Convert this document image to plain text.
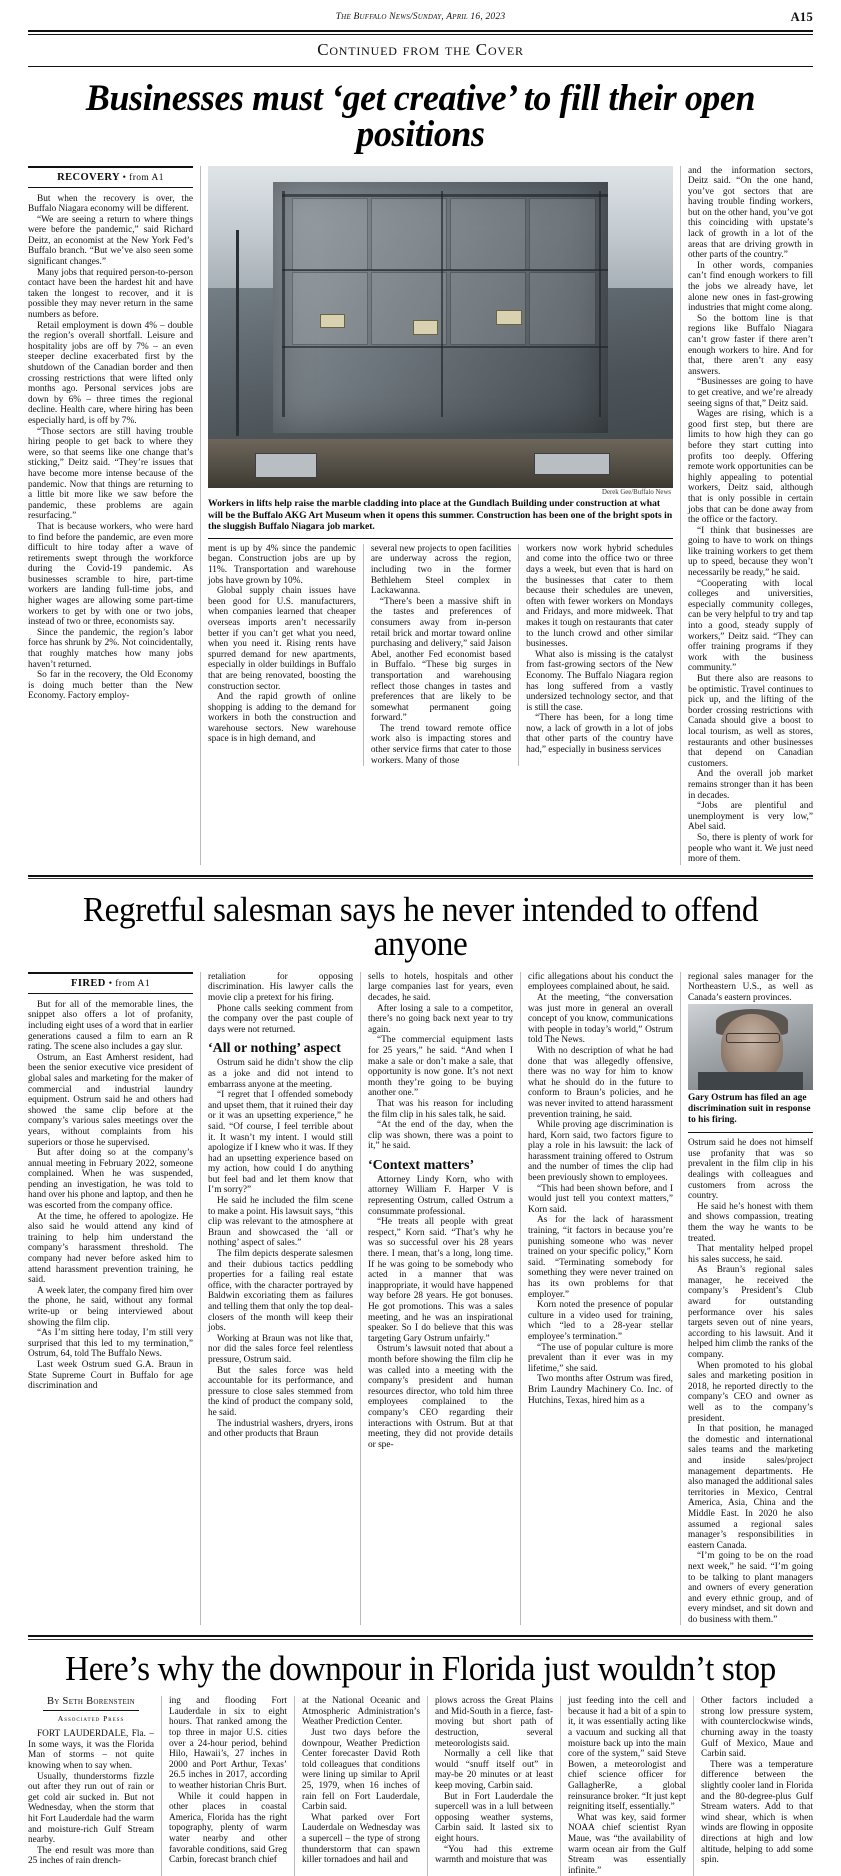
The Buffalo News/Sunday, April 16, 2023	A15
Continued from the Cover
Businesses must ‘get creative’ to fill their open positions
RECOVERY • from A1

But when the recovery is over, the Buffalo Niagara economy will be different.

“We are seeing a return to where things were before the pandemic,” said Richard Deitz, an economist at the New York Fed’s Buffalo branch. “But we’ve also seen some significant changes.”

Many jobs that required person-to-person contact have been the hardest hit and have taken the longest to recover, and it is possible they may never return in the same numbers as before.

Retail employment is down 4% – double the region’s overall shortfall. Leisure and hospitality jobs are off by 7% – an even steeper decline exacerbated first by the shutdown of the Canadian border and then crossing restrictions that were lifted only months ago. Personal services jobs are down by 6% – three times the regional decline. Health care, where hiring has been especially hard, is off by 7%.

“Those sectors are still having trouble hiring people to get back to where they were, so that seems like one change that’s sticking,” Deitz said. “They’re issues that have become more intense because of the pandemic. Now that things are returning to a little bit more like we saw before the pandemic, these problems are again resurfacing.”

That is because workers, who were hard to find before the pandemic, are even more difficult to hire today after a wave of retirements swept through the workforce during the Covid-19 pandemic. As businesses scramble to hire, part-time workers are landing full-time jobs, and higher wages are allowing some part-time workers to get by with one or two jobs, instead of two or three, economists say.

Since the pandemic, the region’s labor force has shrunk by 2%. Not coincidentally, that roughly matches how many jobs haven’t returned.

So far in the recovery, the Old Economy is doing much better than the New Economy. Factory employ-

Derek Gee/Buffalo News
Workers in lifts help raise the marble cladding into place at the Gundlach Building under construction at what will be the Buffalo AKG Art Museum when it opens this summer. Construction has been one of the bright spots in the sluggish Buffalo Niagara job market.

ment is up by 4% since the pandemic began. Construction jobs are up by 11%. Transportation and warehouse jobs have grown by 10%.

Global supply chain issues have been good for U.S. manufacturers, when companies learned that cheaper overseas imports aren’t necessarily better if you can’t get what you need, when you need it. Rising rents have spurred demand for new apartments, especially in older buildings in Buffalo that are being renovated, boosting the construction sector.

And the rapid growth of online shopping is adding to the demand for workers in both the construction and warehouse sectors. New warehouse space is in high demand, and

several new projects to open facilities are underway across the region, including two in the former Bethlehem Steel complex in Lackawanna.

“There’s been a massive shift in the tastes and preferences of consumers away from in-person retail brick and mortar toward online purchasing and delivery,” said Jaison Abel, another Fed economist based in Buffalo. “These big surges in transportation and warehousing reflect those changes in tastes and preferences that are likely to be somewhat permanent going forward.”

The trend toward remote office work also is impacting stores and other service firms that cater to those workers. Many of those

workers now work hybrid schedules and come into the office two or three days a week, but even that is hard on the businesses that cater to them because their schedules are uneven, often with fewer workers on Mondays and Fridays, and more midweek. That makes it tough on restaurants that cater to the lunch crowd and other similar businesses.

What also is missing is the catalyst from fast-growing sectors of the New Economy. The Buffalo Niagara region has long suffered from a vastly undersized technology sector, and that is still the case.

“There has been, for a long time now, a lack of growth in a lot of jobs that other parts of the country have had,” especially in business services

and the information sectors, Deitz said. “On the one hand, you’ve got sectors that are having trouble finding workers, but on the other hand, you’ve got this coinciding with upstate’s lack of growth in a lot of the areas that are driving growth in other parts of the country.”

In other words, companies can’t find enough workers to fill the jobs we already have, let alone new ones in fast-growing industries that might come along.

So the bottom line is that regions like Buffalo Niagara can’t grow faster if there aren’t enough workers to hire. And for that, there aren’t any easy answers.

“Businesses are going to have to get creative, and we’re already seeing signs of that,” Deitz said.

Wages are rising, which is a good first step, but there are limits to how high they can go before they start cutting into profits too deeply. Offering remote work opportunities can be highly appealing to potential workers, Deitz said, although that is only possible in certain jobs that can be done away from the office or the factory.

“I think that businesses are going to have to work on things like training workers to get them up to speed, because they won’t necessarily be ready,” he said.

“Cooperating with local colleges and universities, especially community colleges, can be very helpful to try and tap into a good, steady supply of workers,” Deitz said. “They can offer training programs if they work with the business community.”

But there also are reasons to be optimistic. Travel continues to pick up, and the lifting of the border crossing restrictions with Canada should give a boost to local tourism, as well as stores, restaurants and other businesses that depend on Canadian customers.

And the overall job market remains stronger than it has been in decades.

“Jobs are plentiful and unemployment is very low,” Abel said.

So, there is plenty of work for people who want it. We just need more of them.

Regretful salesman says he never intended to offend anyone
FIRED • from A1

But for all of the memorable lines, the snippet also offers a lot of profanity, including eight uses of a word that in earlier generations caused a film to earn an R rating. The scene also includes a gay slur.

Ostrum, an East Amherst resident, had been the senior executive vice president of global sales and marketing for the maker of commercial and industrial laundry equipment. Ostrum said he and others had showed the same clip before at the company’s various sales meetings over the years, without complaints from his superiors or those he supervised.

But after doing so at the company’s annual meeting in February 2022, someone complained. When he was suspended, pending an investigation, he was told to hand over his phone and laptop, and then he was escorted from the company office.

At the time, he offered to apologize. He also said he would attend any kind of training to help him understand the company’s harassment threshold. The company had never before asked him to attend harassment prevention training, he said.

A week later, the company fired him over the phone, he said, without any formal write-up or being interviewed about showing the film clip.

“As I’m sitting here today, I’m still very surprised that this led to my termination,” Ostrum, 64, told The Buffalo News.

Last week Ostrum sued G.A. Braun in State Supreme Court in Buffalo for age discrimination and

retaliation for opposing discrimination. His lawyer calls the movie clip a pretext for his firing.

Phone calls seeking comment from the company over the past couple of days were not returned.

‘All or nothing’ aspect

Ostrum said he didn’t show the clip as a joke and did not intend to embarrass anyone at the meeting.

“I regret that I offended somebody and upset them, that it ruined their day or it was an upsetting experience,” he said. “Of course, I feel terrible about it. It wasn’t my intent. I would still apologize if I knew who it was. If they had an upsetting experience based on my action, how could I do anything but feel bad and let them know that I’m sorry?”

He said he included the film scene to make a point. His lawsuit says, “this clip was relevant to the atmosphere at Braun and showcased the ‘all or nothing’ aspect of sales.”

The film depicts desperate salesmen and their dubious tactics peddling properties for a failing real estate office, with the character portrayed by Baldwin excoriating them as failures and telling them that only the top deal-closers of the month will keep their jobs.

Working at Braun was not like that, nor did the sales force feel relentless pressure, Ostrum said.

But the sales force was held accountable for its performance, and pressure to close sales stemmed from the kind of product the company sold, he said.

The industrial washers, dryers, irons and other products that Braun

sells to hotels, hospitals and other large companies last for years, even decades, he said.

After losing a sale to a competitor, there’s no going back next year to try again.

“The commercial equipment lasts for 25 years,” he said. “And when I make a sale or don’t make a sale, that opportunity is now gone. It’s not next month they’re going to be buying another one.”

That was his reason for including the film clip in his sales talk, he said.

“At the end of the day, when the clip was shown, there was a point to it,” he said.

‘Context matters’

Attorney Lindy Korn, who with attorney William F. Harper V is representing Ostrum, called Ostrum a consummate professional.

“He treats all people with great respect,” Korn said. “That’s why he was so successful over his 28 years there. I mean, that’s a long, long time. If he was going to be somebody who acted in a manner that was inappropriate, it would have happened way before 28 years. He got bonuses. He got promotions. This was a sales meeting, and he was an inspirational speaker. So I do believe that this was targeting Gary Ostrum unfairly.”

Ostrum’s lawsuit noted that about a month before showing the film clip he was called into a meeting with the company’s president and human resources director, who told him three employees complained to the company’s CEO regarding their interactions with Ostrum. But at that meeting, they did not provide details or spe-

cific allegations about his conduct the employees complained about, he said.

At the meeting, “the conversation was just more in general an overall concept of you know, communications with people in today’s world,” Ostrum told The News.

With no description of what he had done that was allegedly offensive, there was no way for him to know what he should do in the future to conform to Braun’s policies, and he was never invited to attend harassment prevention training, he said.

While proving age discrimination is hard, Korn said, two factors figure to play a role in his lawsuit: the lack of harassment training offered to Ostrum and the number of times the clip had been previously shown to employees.

“This had been shown before, and I would just tell you context matters,” Korn said.

As for the lack of harassment training, “it factors in because you’re punishing someone who was never trained on your specific policy,” Korn said. “Terminating somebody for something they were never trained on has its own problems for that employer.”

Korn noted the presence of popular culture in a video used for training, which “led to a 28-year stellar employee’s termination.”

“The use of popular culture is more prevalent than it ever was in my lifetime,” she said.

Two months after Ostrum was fired, Brim Laundry Machinery Co. Inc. of Hutchins, Texas, hired him as a

regional sales manager for the Northeastern U.S., as well as Canada’s eastern provinces.

Gary Ostrum has filed an age discrimination suit in response to his firing.

Ostrum said he does not himself use profanity that was so prevalent in the film clip in his dealings with colleagues and customers from across the country.

He said he’s honest with them and shows compassion, treating them the way he wants to be treated.

That mentality helped propel his sales success, he said.

As Braun’s regional sales manager, he received the company’s President’s Club award for outstanding performance over his sales targets seven out of nine years, according to his lawsuit. And it helped him climb the ranks of the company.

When promoted to his global sales and marketing position in 2018, he reported directly to the company’s CEO and owner as well as to the company’s president.

In that position, he managed the domestic and international sales teams and the marketing and inside sales/project management departments. He also managed the additional sales territories in Mexico, Central America, Asia, China and the Middle East. In 2020 he also assumed a regional sales manager’s responsibilities in eastern Canada.

“I’m going to be on the road next week,” he said. “I’m going to be talking to plant managers and owners of every generation and every ethnic group, and of every mindset, and sit down and do business with them.”

Here’s why the downpour in Florida just wouldn’t stop
By Seth Borenstein
Associated Press

FORT LAUDERDALE, Fla. – In some ways, it was the Florida Man of storms – not quite knowing when to say when.

Usually, thunderstorms fizzle out after they run out of rain or get cold air sucked in. But not Wednesday, when the storm that hit Fort Lauderdale had the warm and moisture-rich Gulf Stream nearby.

The end result was more than 25 inches of rain drench-

ing and flooding Fort Lauderdale in six to eight hours. That ranked among the top three in major U.S. cities over a 24-hour period, behind Hilo, Hawaii’s, 27 inches in 2000 and Port Arthur, Texas’ 26.5 inches in 2017, according to weather historian Chris Burt.

While it could happen in other places in coastal America, Florida has the right topography, plenty of warm water nearby and other favorable conditions, said Greg Carbin, forecast branch chief

at the National Oceanic and Atmospheric Administration’s Weather Prediction Center.

Just two days before the downpour, Weather Prediction Center forecaster David Roth told colleagues that conditions were lining up similar to April 25, 1979, when 16 inches of rain fell on Fort Lauderdale, Carbin said.

What parked over Fort Lauderdale on Wednesday was a supercell – the type of strong thunderstorm that can spawn killer tornadoes and hail and

plows across the Great Plains and Mid-South in a fierce, fast-moving but short path of destruction, several meteorologists said.

Normally a cell like that would “snuff itself out” in may-be 20 minutes or at least keep moving, Carbin said.

But in Fort Lauderdale the supercell was in a lull between opposing weather systems, Carbin said. It lasted six to eight hours.

“You had this extreme warmth and moisture that was

just feeding into the cell and because it had a bit of a spin to it, it was essentially acting like a vacuum and sucking all that moisture back up into the main core of the system,” said Steve Bowen, a meteorologist and chief science officer for GallagherRe, a global reinsurance broker. “It just kept reigniting itself, essentially.”

What was key, said former NOAA chief scientist Ryan Maue, was “the availability of warm ocean air from the Gulf Stream was essentially infinite.”

Other factors included a strong low pressure system, with counterclockwise winds, churning away in the toasty Gulf of Mexico, Maue and Carbin said.

There was a temperature difference between the slightly cooler land in Florida and the 80-degree-plus Gulf Stream waters. Add to that wind shear, which is when winds are flowing in opposite directions at high and low altitude, helping to add some spin.
